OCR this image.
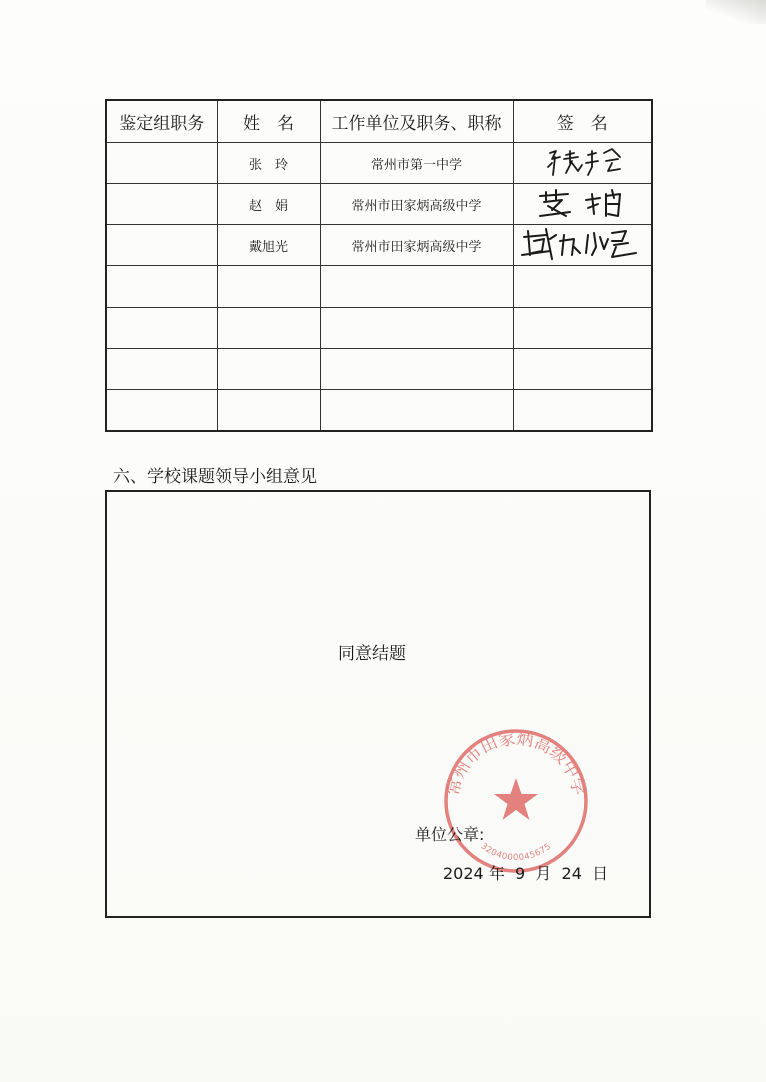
鉴定组职务	姓　名	工作单位及职务、职称	签　名
	张　玲	常州市第一中学	

	赵　娟	常州市田家炳高级中学	

	戴旭光	常州市田家炳高级中学	

六、学校课题领导小组意见
同意结题
常州市田家炳高级中学
3204000045675
单位公章:
2024 年 9 月 24 日
